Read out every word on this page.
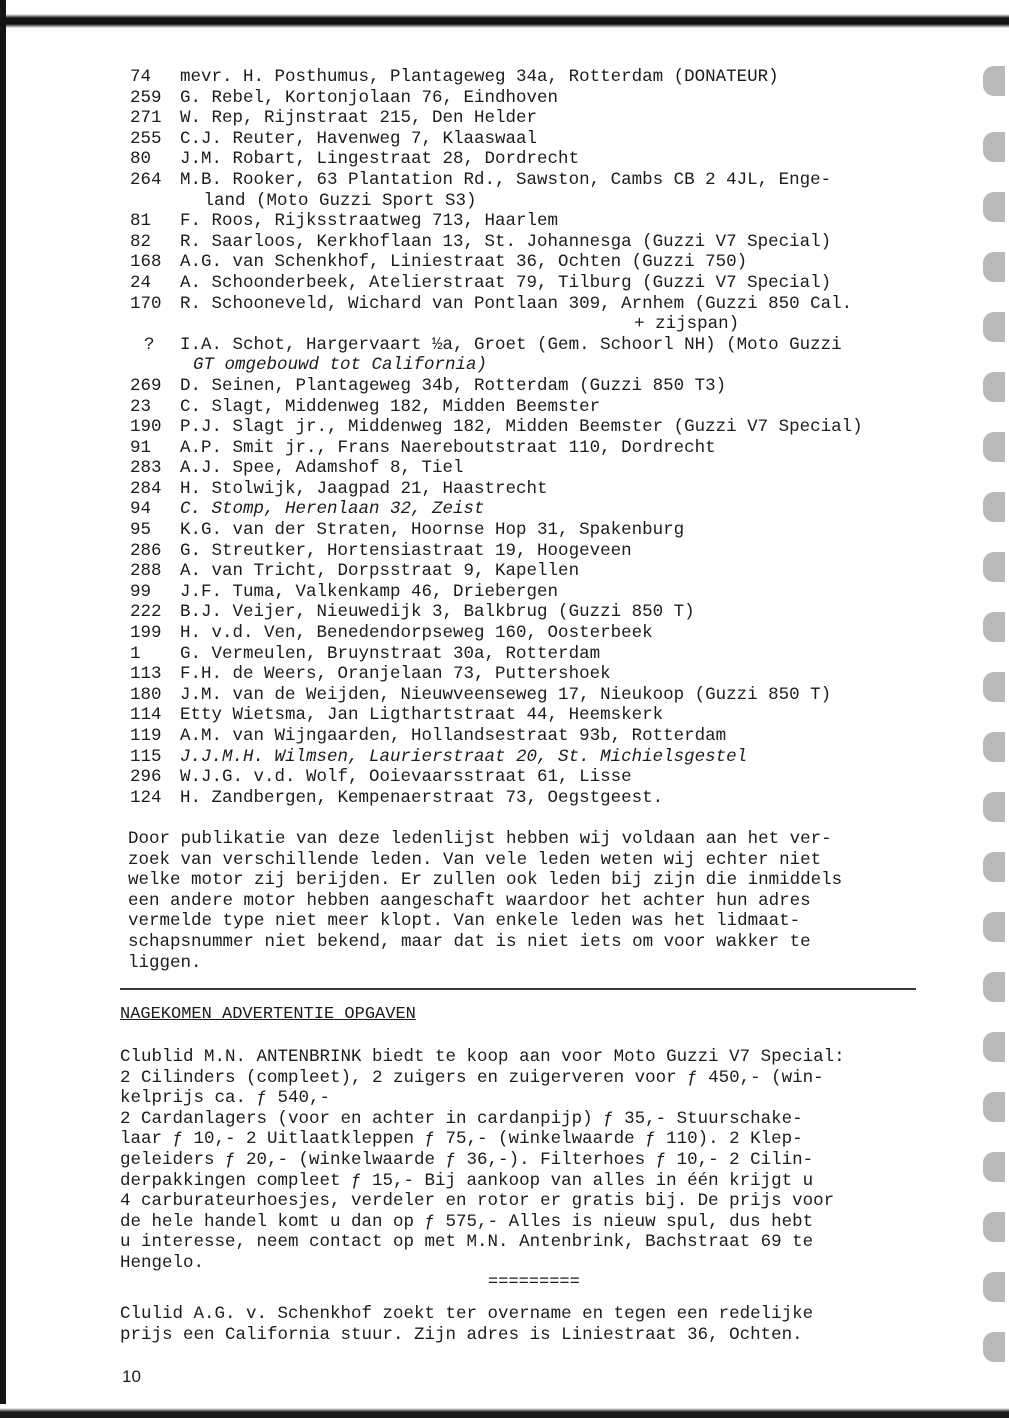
74	mevr. H. Posthumus, Plantageweg 34a, Rotterdam (DONATEUR)
259	G. Rebel, Kortonjolaan 76, Eindhoven
271	W. Rep, Rijnstraat 215, Den Helder
255	C.J. Reuter, Havenweg 7, Klaaswaal
80	J.M. Robart, Lingestraat 28, Dordrecht
264	M.B. Rooker, 63 Plantation Rd., Sawston, Cambs CB 2 4JL, Enge-
land (Moto Guzzi Sport S3)
81	F. Roos, Rijksstraatweg 713, Haarlem
82	R. Saarloos, Kerkhoflaan 13, St. Johannesga (Guzzi V7 Special)
168	A.G. van Schenkhof, Liniestraat 36, Ochten (Guzzi 750)
24	A. Schoonderbeek, Atelierstraat 79, Tilburg (Guzzi V7 Special)
170	R. Schooneveld, Wichard van Pontlaan 309, Arnhem (Guzzi 850 Cal.
+ zijspan)
?	I.A. Schot, Hargervaart ½a, Groet (Gem. Schoorl NH) (Moto Guzzi
GT omgebouwd tot California)
269	D. Seinen, Plantageweg 34b, Rotterdam (Guzzi 850 T3)
23	C. Slagt, Middenweg 182, Midden Beemster
190	P.J. Slagt jr., Middenweg 182, Midden Beemster (Guzzi V7 Special)
91	A.P. Smit jr., Frans Naereboutstraat 110, Dordrecht
283	A.J. Spee, Adamshof 8, Tiel
284	H. Stolwijk, Jaagpad 21, Haastrecht
94	C. Stomp, Herenlaan 32, Zeist
95	K.G. van der Straten, Hoornse Hop 31, Spakenburg
286	G. Streutker, Hortensiastraat 19, Hoogeveen
288	A. van Tricht, Dorpsstraat 9, Kapellen
99	J.F. Tuma, Valkenkamp 46, Driebergen
222	B.J. Veijer, Nieuwedijk 3, Balkbrug (Guzzi 850 T)
199	H. v.d. Ven, Benedendorpseweg 160, Oosterbeek
1	G. Vermeulen, Bruynstraat 30a, Rotterdam
113	F.H. de Weers, Oranjelaan 73, Puttershoek
180	J.M. van de Weijden, Nieuwveenseweg 17, Nieukoop (Guzzi 850 T)
114	Etty Wietsma, Jan Ligthartstraat 44, Heemskerk
119	A.M. van Wijngaarden, Hollandsestraat 93b, Rotterdam
115	J.J.M.H. Wilmsen, Laurierstraat 20, St. Michielsgestel
296	W.J.G. v.d. Wolf, Ooievaarsstraat 61, Lisse
124	H. Zandbergen, Kempenaerstraat 73, Oegstgeest.

Door publikatie van deze ledenlijst hebben wij voldaan aan het ver-
zoek van verschillende leden. Van vele leden weten wij echter niet
welke motor zij berijden. Er zullen ook leden bij zijn die inmiddels
een andere motor hebben aangeschaft waardoor het achter hun adres
vermelde type niet meer klopt. Van enkele leden was het lidmaat-
schapsnummer niet bekend, maar dat is niet iets om voor wakker te
liggen.

NAGEKOMEN ADVERTENTIE OPGAVEN

Clublid M.N. ANTENBRINK biedt te koop aan voor Moto Guzzi V7 Special:
2 Cilinders (compleet), 2 zuigers en zuigerveren voor ƒ 450,- (win-
kelprijs ca. ƒ 540,-
2 Cardanlagers (voor en achter in cardanpijp) ƒ 35,- Stuurschake-
laar ƒ 10,- 2 Uitlaatkleppen ƒ 75,- (winkelwaarde ƒ 110). 2 Klep-
geleiders ƒ 20,- (winkelwaarde ƒ 36,-). Filterhoes ƒ 10,- 2 Cilin-
derpakkingen compleet ƒ 15,- Bij aankoop van alles in één krijgt u
4 carburateurhoesjes, verdeler en rotor er gratis bij. De prijs voor
de hele handel komt u dan op ƒ 575,- Alles is nieuw spul, dus hebt
u interesse, neem contact op met M.N. Antenbrink, Bachstraat 69 te
Hengelo.

=========

Clulid A.G. v. Schenkhof zoekt ter overname en tegen een redelijke
prijs een California stuur. Zijn adres is Liniestraat 36, Ochten.

10
